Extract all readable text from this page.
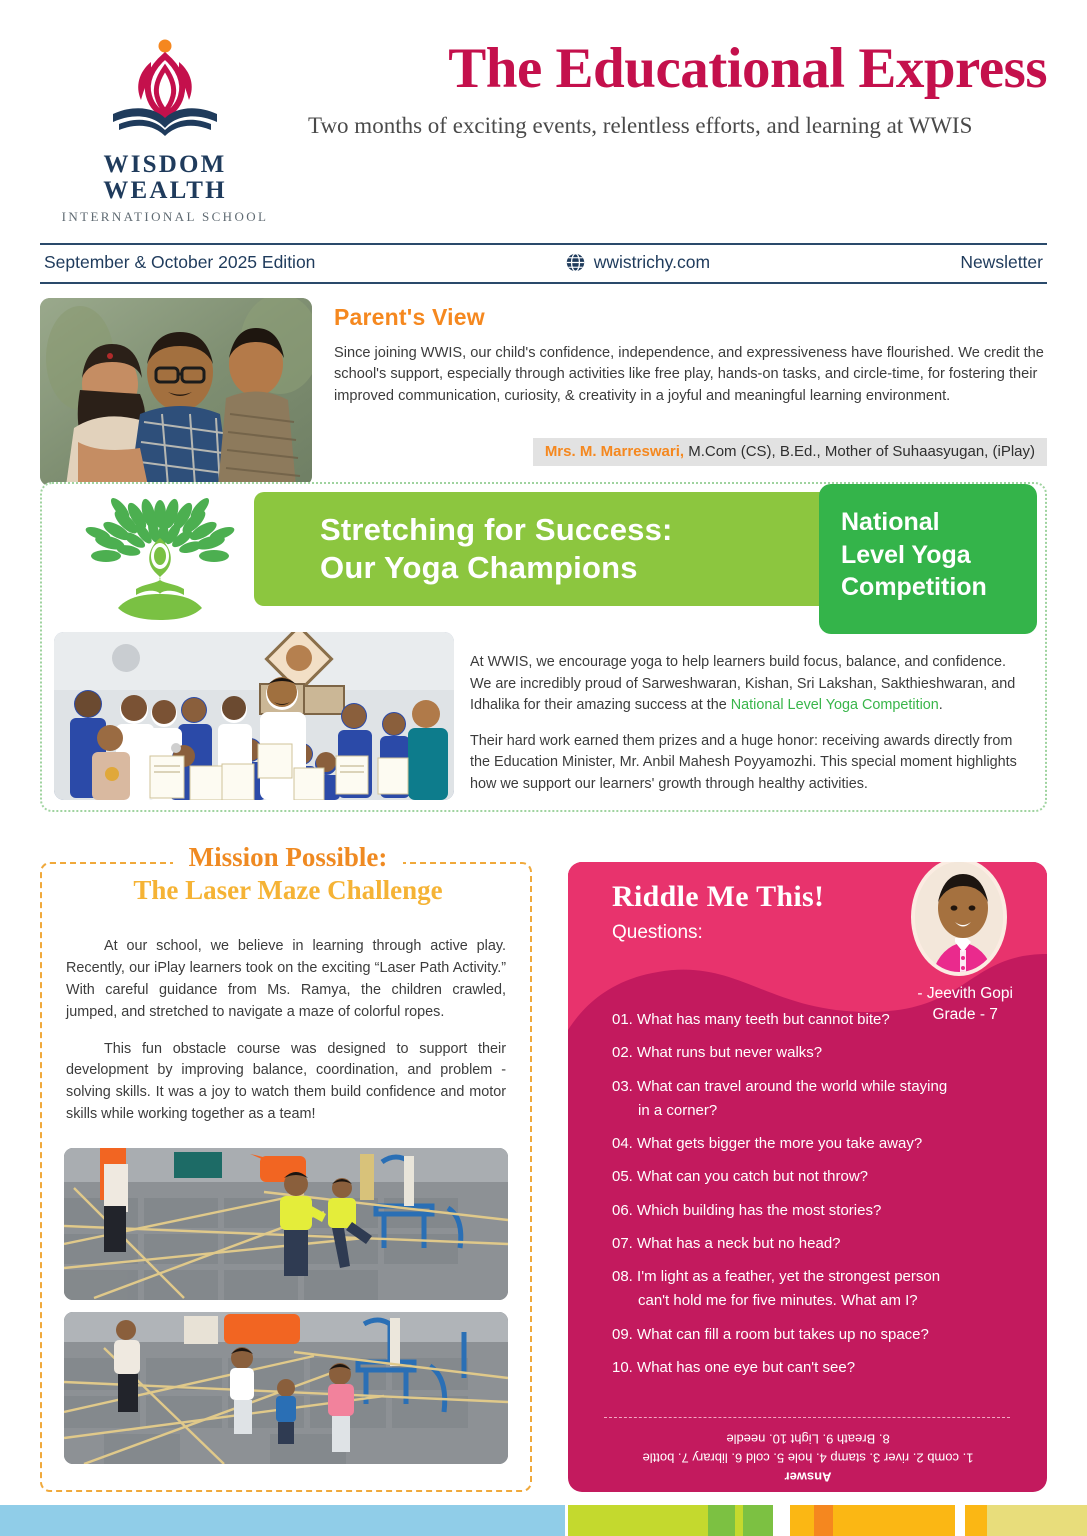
WISDOM WEALTH
INTERNATIONAL SCHOOL
The Educational Express
Two months of exciting events, relentless efforts, and learning at WWIS
September & October 2025 Edition	wwistrichy.com	Newsletter
Parent's View
Since joining WWIS, our child's confidence, independence, and expressiveness have flourished. We credit the school's support, especially through activities like free play, hands-on tasks, and circle-time, for fostering their improved communication, curiosity, & creativity in a joyful and meaningful learning environment.
Mrs. M. Marreswari, M.Com (CS), B.Ed., Mother of Suhaasyugan, (iPlay)
Stretching for Success:
Our Yoga Champions
National
Level Yoga
Competition

At WWIS, we encourage yoga to help learners build focus, balance, and confidence. We are incredibly proud of Sarweshwaran, Kishan, Sri Lakshan, Sakthieshwaran, and Idhalika for their amazing success at the National Level Yoga Competition.

Their hard work earned them prizes and a huge honor: receiving awards directly from the Education Minister, Mr. Anbil Mahesh Poyyamozhi. This special moment highlights how we support our learners' growth through healthy activities.

Mission Possible:
The Laser Maze Challenge

At our school, we believe in learning through active play. Recently, our iPlay learners took on the exciting “Laser Path Activity.” With careful guidance from Ms. Ramya, the children crawled, jumped, and stretched to navigate a maze of colorful ropes.

This fun obstacle course was designed to support their development by improving balance, coordination, and problem -solving skills. It was a joy to watch them build confidence and motor skills while working together as a team!

Riddle Me This!
Questions:
- Jeevith Gopi
Grade - 7
01. What has many teeth but cannot bite?
02. What runs but never walks?
03. What can travel around the world while staying
in a corner?
04. What gets bigger the more you take away?
05. What can you catch but not throw?
06. Which building has the most stories?
07. What has a neck but no head?
08. I'm light as a feather, yet the strongest person
can't hold me for five minutes. What am I?
09. What can fill a room but takes up no space?
10. What has one eye but can't see?
Answer
1. comb 2. river 3. stamp 4. hole 5. cold 6. library 7. bottle
8. Breath 9. Light 10. needle
